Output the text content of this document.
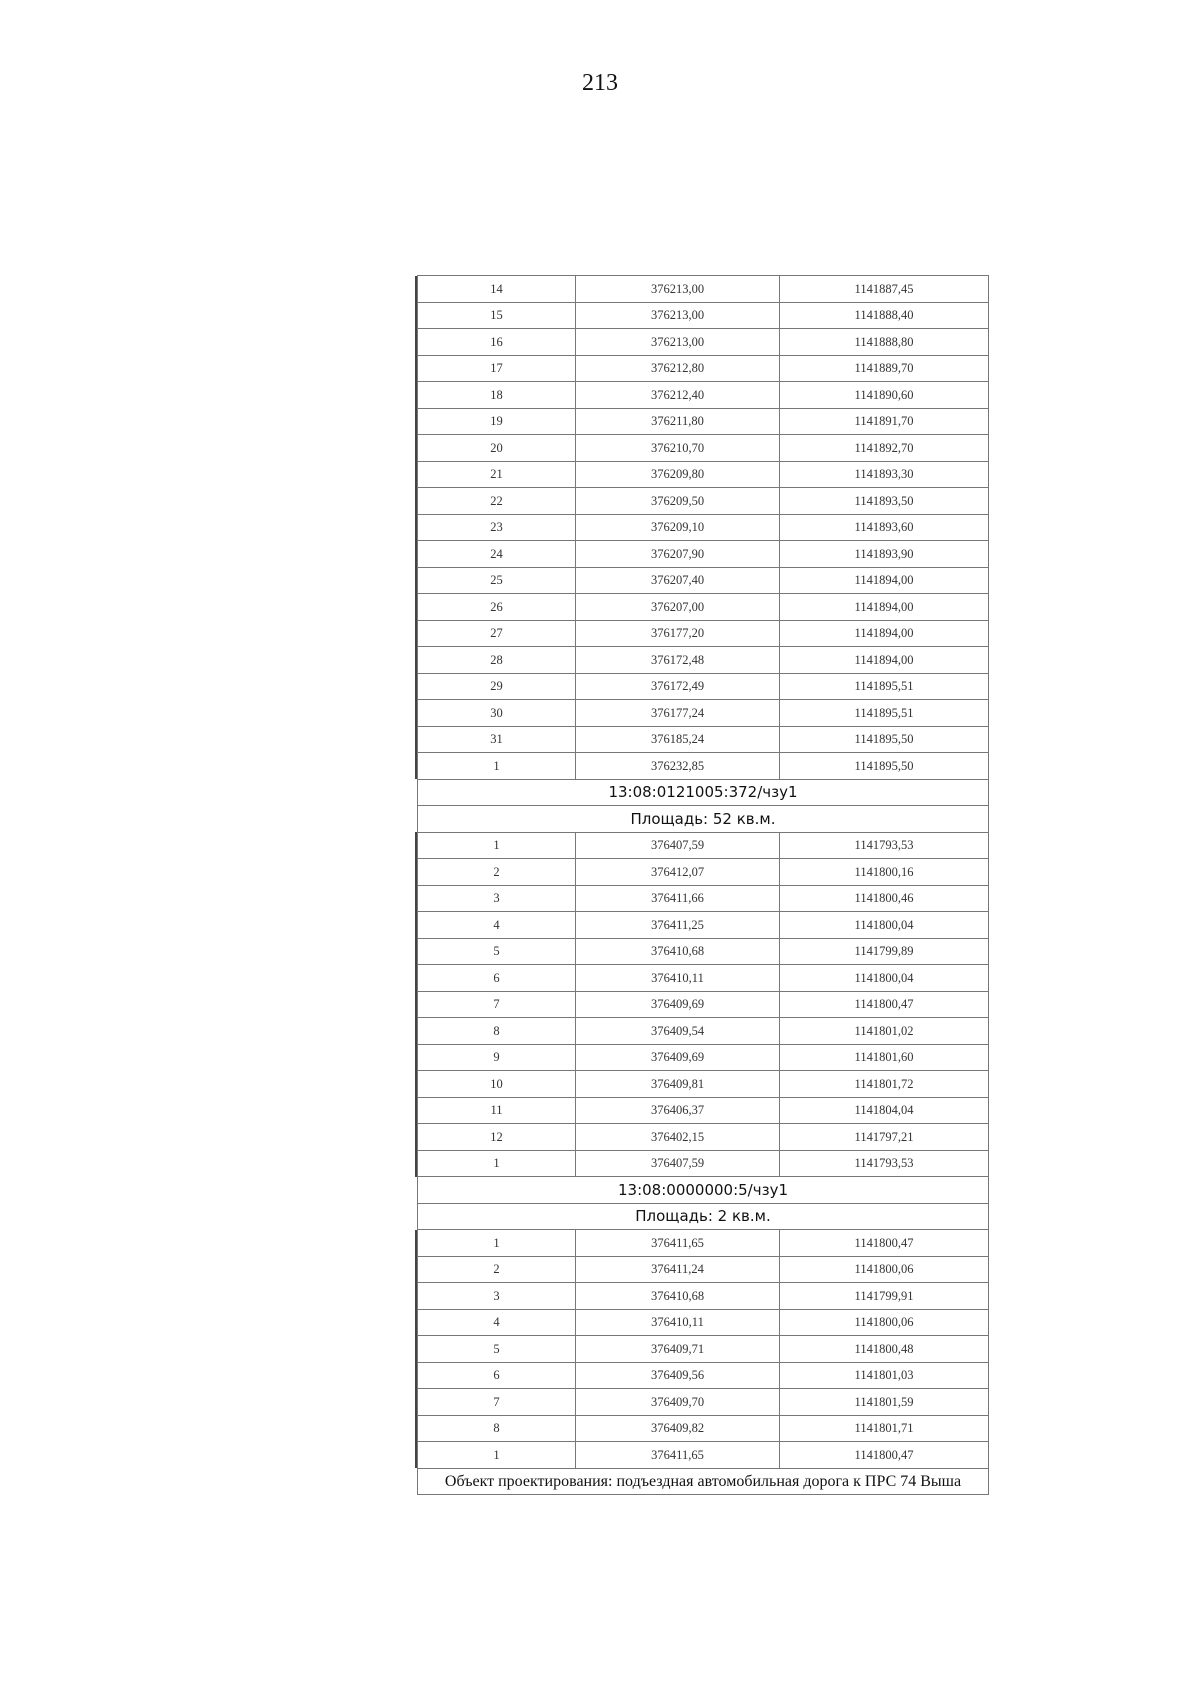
213
14	376213,00	1141887,45
15	376213,00	1141888,40
16	376213,00	1141888,80
17	376212,80	1141889,70
18	376212,40	1141890,60
19	376211,80	1141891,70
20	376210,70	1141892,70
21	376209,80	1141893,30
22	376209,50	1141893,50
23	376209,10	1141893,60
24	376207,90	1141893,90
25	376207,40	1141894,00
26	376207,00	1141894,00
27	376177,20	1141894,00
28	376172,48	1141894,00
29	376172,49	1141895,51
30	376177,24	1141895,51
31	376185,24	1141895,50
1	376232,85	1141895,50
13:08:0121005:372/чзу1		
Площадь: 52 кв.м.		
1	376407,59	1141793,53
2	376412,07	1141800,16
3	376411,66	1141800,46
4	376411,25	1141800,04
5	376410,68	1141799,89
6	376410,11	1141800,04
7	376409,69	1141800,47
8	376409,54	1141801,02
9	376409,69	1141801,60
10	376409,81	1141801,72
11	376406,37	1141804,04
12	376402,15	1141797,21
1	376407,59	1141793,53
13:08:0000000:5/чзу1		
Площадь: 2 кв.м.		
1	376411,65	1141800,47
2	376411,24	1141800,06
3	376410,68	1141799,91
4	376410,11	1141800,06
5	376409,71	1141800,48
6	376409,56	1141801,03
7	376409,70	1141801,59
8	376409,82	1141801,71
1	376411,65	1141800,47
Объект проектирования: подъездная автомобильная дорога к ПРС 74 Выша		
